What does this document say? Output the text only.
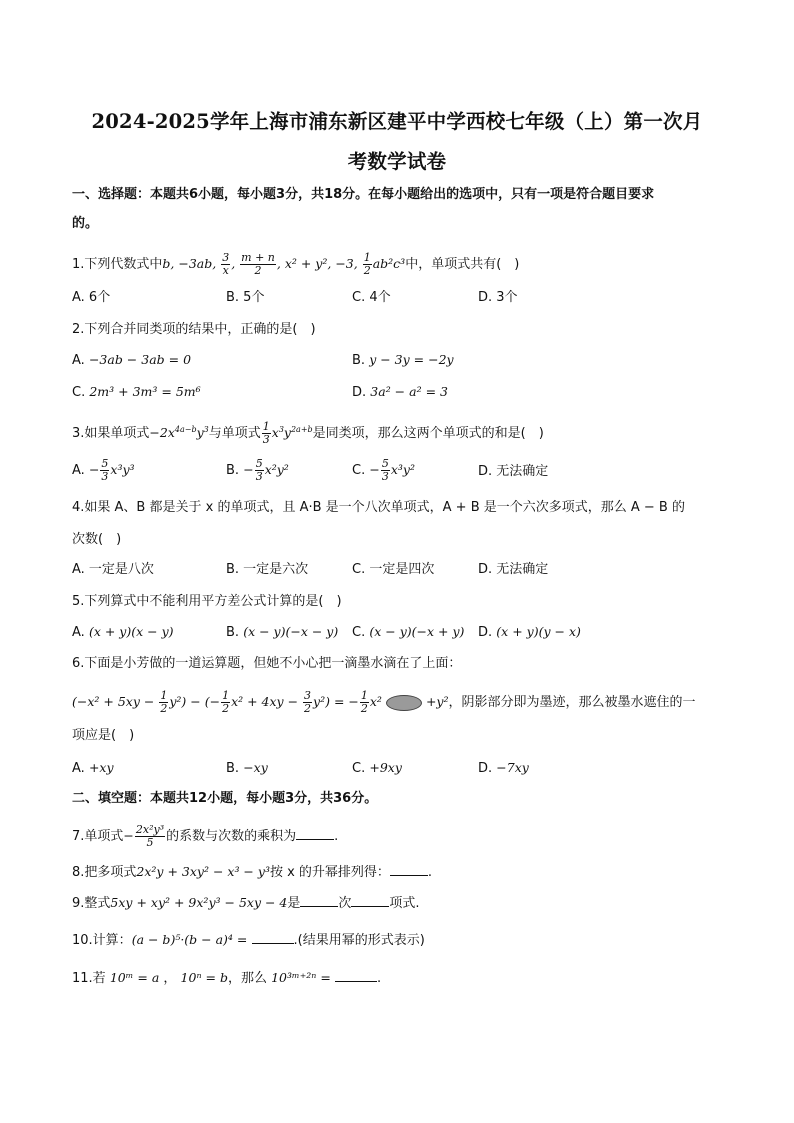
2024-2025学年上海市浦东新区建平中学西校七年级（上）第一次月
考数学试卷
一、选择题：本题共6小题，每小题3分，共18分。在每小题给出的选项中，只有一项是符合题目要求
的。
1.下列代数式中b, −3ab, $\frac{3}{x}$ , $\frac{m + n}{2}$ , x² + y², −3, $\frac{1}{2} ab^2c^3$中，单项式共有(　)
A. 6个	B. 5个	C. 4个	D. 3个
2.下列合并同类项的结果中，正确的是(　)
A. −3ab − 3ab = 0	B. y − 3y = −2y
C. 2m³ + 3m³ = 5m⁶	D. 3a² − a² = 3
3.如果单项式$-2x^{4a-b}y^3$与单项式 $\frac{1}{3} x^3y^{2a+b}$是同类项，那么这两个单项式的和是(　)
A. − $\frac{5}{3} x^3y^3$	B. − $\frac{5}{3} x^2y^2$	C. − $\frac{5}{3} x^3y^2$	D. 无法确定
4.如果 A、B 都是关于 x 的单项式，且 A·B 是一个八次单项式，A + B 是一个六次多项式，那么 A − B 的
次数(　)
A. 一定是八次	B. 一定是六次	C. 一定是四次	D. 无法确定
5.下列算式中不能利用平方差公式计算的是(　)
A. (x + y)(x − y)	B. (x − y)(−x − y) C. (x − y)(−x + y) D. (x + y)(y − x)
6.下面是小芳做的一道运算题，但她不小心把一滴墨水滴在了上面：
$(-x^2 + 5xy - \frac{1}{2} y^2)$ − (− $\frac{1}{2} x^2 + 4xy - \frac{3}{2} y^2$) = − $\frac{1}{2} x^2$	+y²，阴影部分即为墨迹，那么被墨水遮住的一
项应是(　)
A. +xy	B. −xy	C. +9xy	D. −7xy
二、填空题：本题共12小题，每小题3分，共36分。
7.单项式− $\frac{\text{2x²y³}}{5}$ 的系数与次数的乘积为	.
8.把多项式2x²y + 3xy² − x³ − y³按 x 的升幂排列得：	.
9.整式5xy + xy² + 9x²y³ − 5xy − 4是	次	项式.
10.计算：(a − b)⁵·(b − a)⁴ =	.(结果用幂的形式表示)
11.若 10ᵐ = a ， 10ⁿ = b，那么 10³ᵐ⁺²ⁿ =	.
